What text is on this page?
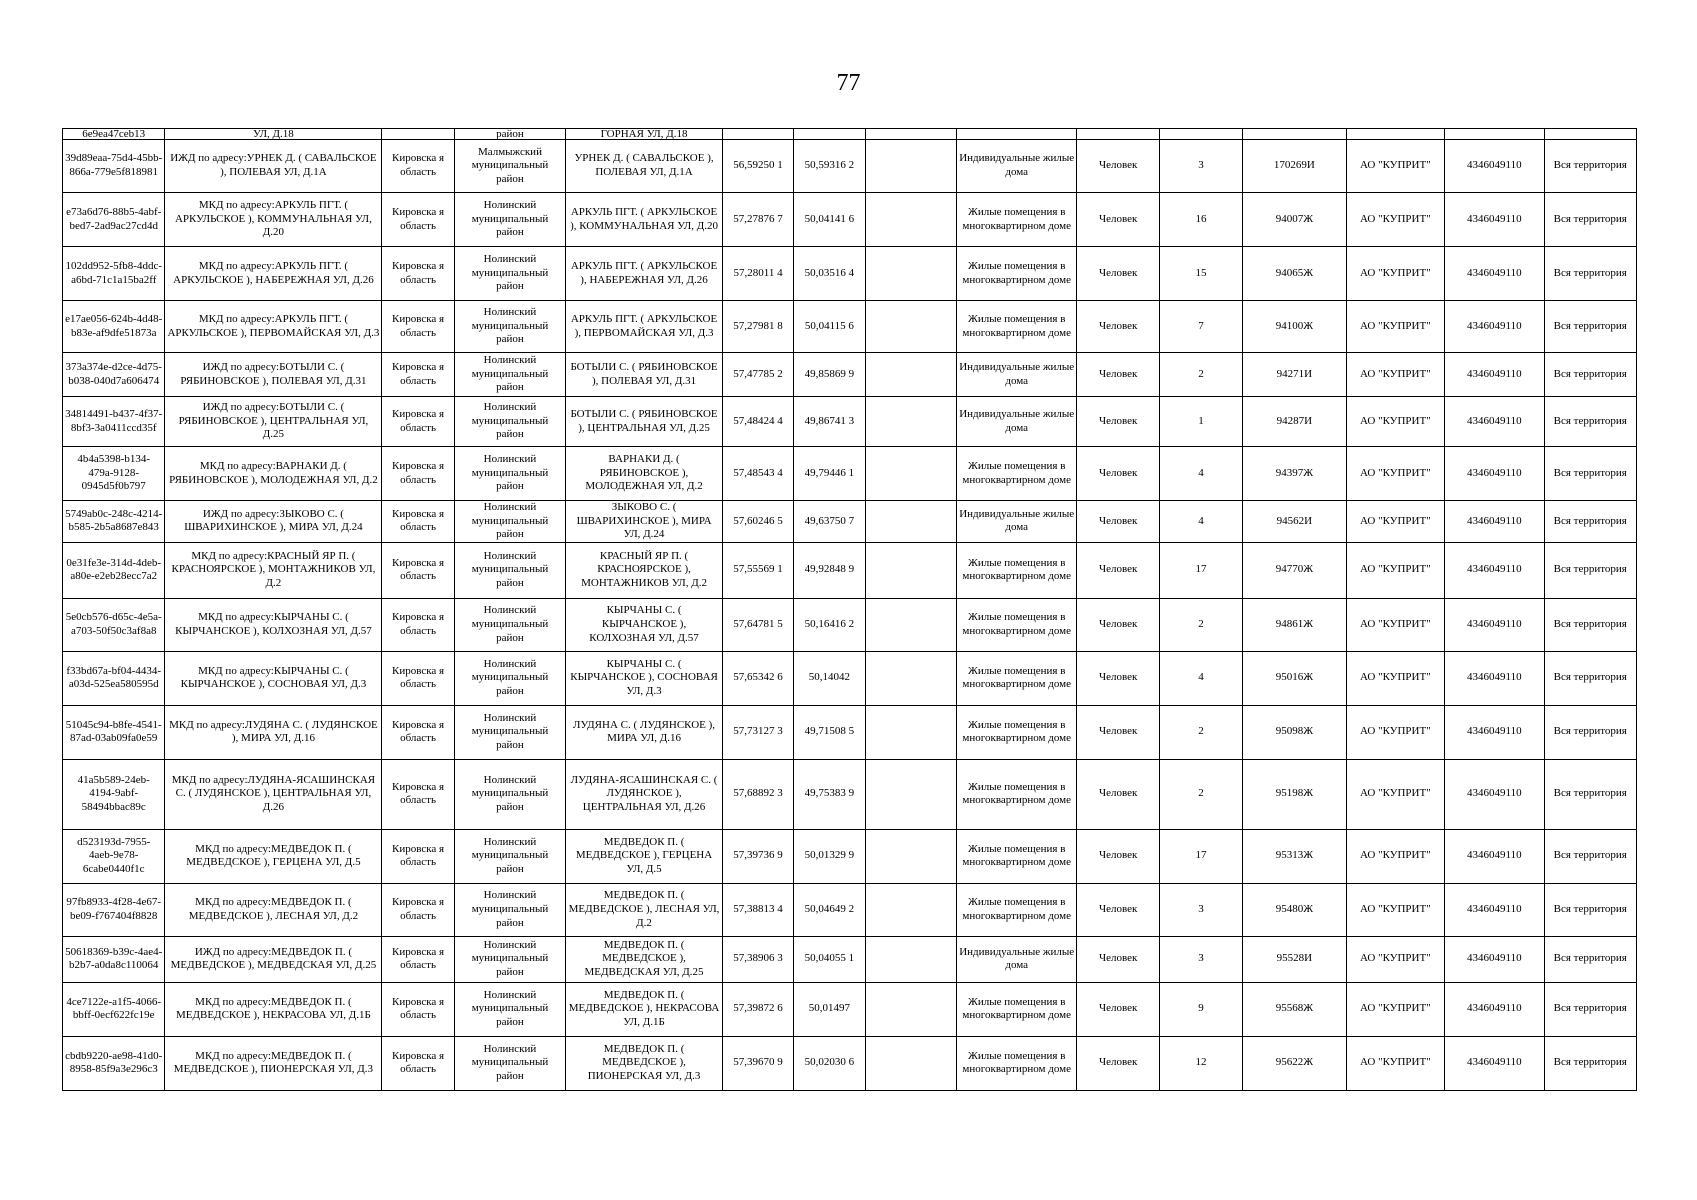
77
6e9ea47ceb13	УЛ, Д.18		район	ГОРНАЯ УЛ, Д.18										
39d89eaa-75d4-45bb-866a-779e5f818981	ИЖД по адресу:УРНЕК Д. ( САВАЛЬСКОЕ ), ПОЛЕВАЯ УЛ, Д.1А	Кировска я область	Малмыжский муниципальный район	УРНЕК Д. ( САВАЛЬСКОЕ ), ПОЛЕВАЯ УЛ, Д.1А	56,59250 1	50,59316 2		Индивидуальные жилые дома	Человек	3	170269И	АО "КУПРИТ"	4346049110	Вся территория
e73a6d76-88b5-4abf-bed7-2ad9ac27cd4d	МКД по адресу:АРКУЛЬ ПГТ. ( АРКУЛЬСКОЕ ), КОММУНАЛЬНАЯ УЛ, Д.20	Кировска я область	Нолинский муниципальный район	АРКУЛЬ ПГТ. ( АРКУЛЬСКОЕ ), КОММУНАЛЬНАЯ УЛ, Д.20	57,27876 7	50,04141 6		Жилые помещения в многоквартирном доме	Человек	16	94007Ж	АО "КУПРИТ"	4346049110	Вся территория
102dd952-5fb8-4ddc-a6bd-71c1a15ba2ff	МКД по адресу:АРКУЛЬ ПГТ. ( АРКУЛЬСКОЕ ), НАБЕРЕЖНАЯ УЛ, Д.26	Кировска я область	Нолинский муниципальный район	АРКУЛЬ ПГТ. ( АРКУЛЬСКОЕ ), НАБЕРЕЖНАЯ УЛ, Д.26	57,28011 4	50,03516 4		Жилые помещения в многоквартирном доме	Человек	15	94065Ж	АО "КУПРИТ"	4346049110	Вся территория
e17ae056-624b-4d48-b83e-af9dfe51873a	МКД по адресу:АРКУЛЬ ПГТ. ( АРКУЛЬСКОЕ ), ПЕРВОМАЙСКАЯ УЛ, Д.3	Кировска я область	Нолинский муниципальный район	АРКУЛЬ ПГТ. ( АРКУЛЬСКОЕ ), ПЕРВОМАЙСКАЯ УЛ, Д.3	57,27981 8	50,04115 6		Жилые помещения в многоквартирном доме	Человек	7	94100Ж	АО "КУПРИТ"	4346049110	Вся территория
373a374e-d2ce-4d75-b038-040d7a606474	ИЖД по адресу:БОТЫЛИ С. ( РЯБИНОВСКОЕ ), ПОЛЕВАЯ УЛ, Д.31	Кировска я область	Нолинский муниципальный район	БОТЫЛИ С. ( РЯБИНОВСКОЕ ), ПОЛЕВАЯ УЛ, Д.31	57,47785 2	49,85869 9		Индивидуальные жилые дома	Человек	2	94271И	АО "КУПРИТ"	4346049110	Вся территория
34814491-b437-4f37-8bf3-3a0411ccd35f	ИЖД по адресу:БОТЫЛИ С. ( РЯБИНОВСКОЕ ), ЦЕНТРАЛЬНАЯ УЛ, Д.25	Кировска я область	Нолинский муниципальный район	БОТЫЛИ С. ( РЯБИНОВСКОЕ ), ЦЕНТРАЛЬНАЯ УЛ, Д.25	57,48424 4	49,86741 3		Индивидуальные жилые дома	Человек	1	94287И	АО "КУПРИТ"	4346049110	Вся территория
4b4a5398-b134-479a-9128-0945d5f0b797	МКД по адресу:ВАРНАКИ Д. ( РЯБИНОВСКОЕ ), МОЛОДЕЖНАЯ УЛ, Д.2	Кировска я область	Нолинский муниципальный район	ВАРНАКИ Д. ( РЯБИНОВСКОЕ ), МОЛОДЕЖНАЯ УЛ, Д.2	57,48543 4	49,79446 1		Жилые помещения в многоквартирном доме	Человек	4	94397Ж	АО "КУПРИТ"	4346049110	Вся территория
5749ab0c-248c-4214-b585-2b5a8687e843	ИЖД по адресу:ЗЫКОВО С. ( ШВАРИХИНСКОЕ ), МИРА УЛ, Д.24	Кировска я область	Нолинский муниципальный район	ЗЫКОВО С. ( ШВАРИХИНСКОЕ ), МИРА УЛ, Д.24	57,60246 5	49,63750 7		Индивидуальные жилые дома	Человек	4	94562И	АО "КУПРИТ"	4346049110	Вся территория
0e31fe3e-314d-4deb-a80e-e2eb28ecc7a2	МКД по адресу:КРАСНЫЙ ЯР П. ( КРАСНОЯРСКОЕ ), МОНТАЖНИКОВ УЛ, Д.2	Кировска я область	Нолинский муниципальный район	КРАСНЫЙ ЯР П. ( КРАСНОЯРСКОЕ ), МОНТАЖНИКОВ УЛ, Д.2	57,55569 1	49,92848 9		Жилые помещения в многоквартирном доме	Человек	17	94770Ж	АО "КУПРИТ"	4346049110	Вся территория
5e0cb576-d65c-4e5a-a703-50f50c3af8a8	МКД по адресу:КЫРЧАНЫ С. ( КЫРЧАНСКОЕ ), КОЛХОЗНАЯ УЛ, Д.57	Кировска я область	Нолинский муниципальный район	КЫРЧАНЫ С. ( КЫРЧАНСКОЕ ), КОЛХОЗНАЯ УЛ, Д.57	57,64781 5	50,16416 2		Жилые помещения в многоквартирном доме	Человек	2	94861Ж	АО "КУПРИТ"	4346049110	Вся территория
f33bd67a-bf04-4434-a03d-525ea580595d	МКД по адресу:КЫРЧАНЫ С. ( КЫРЧАНСКОЕ ), СОСНОВАЯ УЛ, Д.3	Кировска я область	Нолинский муниципальный район	КЫРЧАНЫ С. ( КЫРЧАНСКОЕ ), СОСНОВАЯ УЛ, Д.3	57,65342 6	50,14042		Жилые помещения в многоквартирном доме	Человек	4	95016Ж	АО "КУПРИТ"	4346049110	Вся территория
51045c94-b8fe-4541-87ad-03ab09fa0e59	МКД по адресу:ЛУДЯНА С. ( ЛУДЯНСКОЕ ), МИРА УЛ, Д.16	Кировска я область	Нолинский муниципальный район	ЛУДЯНА С. ( ЛУДЯНСКОЕ ), МИРА УЛ, Д.16	57,73127 3	49,71508 5		Жилые помещения в многоквартирном доме	Человек	2	95098Ж	АО "КУПРИТ"	4346049110	Вся территория
41a5b589-24eb-4194-9abf-58494bbac89c	МКД по адресу:ЛУДЯНА-ЯСАШИНСКАЯ С. ( ЛУДЯНСКОЕ ), ЦЕНТРАЛЬНАЯ УЛ, Д.26	Кировска я область	Нолинский муниципальный район	ЛУДЯНА-ЯСАШИНСКАЯ С. ( ЛУДЯНСКОЕ ), ЦЕНТРАЛЬНАЯ УЛ, Д.26	57,68892 3	49,75383 9		Жилые помещения в многоквартирном доме	Человек	2	95198Ж	АО "КУПРИТ"	4346049110	Вся территория
d523193d-7955-4aeb-9e78-6cabe0440f1c	МКД по адресу:МЕДВЕДОК П. ( МЕДВЕДСКОЕ ), ГЕРЦЕНА УЛ, Д.5	Кировска я область	Нолинский муниципальный район	МЕДВЕДОК П. ( МЕДВЕДСКОЕ ), ГЕРЦЕНА УЛ, Д.5	57,39736 9	50,01329 9		Жилые помещения в многоквартирном доме	Человек	17	95313Ж	АО "КУПРИТ"	4346049110	Вся территория
97fb8933-4f28-4e67-be09-f767404f8828	МКД по адресу:МЕДВЕДОК П. ( МЕДВЕДСКОЕ ), ЛЕСНАЯ УЛ, Д.2	Кировска я область	Нолинский муниципальный район	МЕДВЕДОК П. ( МЕДВЕДСКОЕ ), ЛЕСНАЯ УЛ, Д.2	57,38813 4	50,04649 2		Жилые помещения в многоквартирном доме	Человек	3	95480Ж	АО "КУПРИТ"	4346049110	Вся территория
50618369-b39c-4ae4-b2b7-a0da8c110064	ИЖД по адресу:МЕДВЕДОК П. ( МЕДВЕДСКОЕ ), МЕДВЕДСКАЯ УЛ, Д.25	Кировска я область	Нолинский муниципальный район	МЕДВЕДОК П. ( МЕДВЕДСКОЕ ), МЕДВЕДСКАЯ УЛ, Д.25	57,38906 3	50,04055 1		Индивидуальные жилые дома	Человек	3	95528И	АО "КУПРИТ"	4346049110	Вся территория
4ce7122e-a1f5-4066-bbff-0ecf622fc19e	МКД по адресу:МЕДВЕДОК П. ( МЕДВЕДСКОЕ ), НЕКРАСОВА УЛ, Д.1Б	Кировска я область	Нолинский муниципальный район	МЕДВЕДОК П. ( МЕДВЕДСКОЕ ), НЕКРАСОВА УЛ, Д.1Б	57,39872 6	50,01497		Жилые помещения в многоквартирном доме	Человек	9	95568Ж	АО "КУПРИТ"	4346049110	Вся территория
cbdb9220-ae98-41d0-8958-85f9a3e296c3	МКД по адресу:МЕДВЕДОК П. ( МЕДВЕДСКОЕ ), ПИОНЕРСКАЯ УЛ, Д.3	Кировска я область	Нолинский муниципальный район	МЕДВЕДОК П. ( МЕДВЕДСКОЕ ), ПИОНЕРСКАЯ УЛ, Д.3	57,39670 9	50,02030 6		Жилые помещения в многоквартирном доме	Человек	12	95622Ж	АО "КУПРИТ"	4346049110	Вся территория
